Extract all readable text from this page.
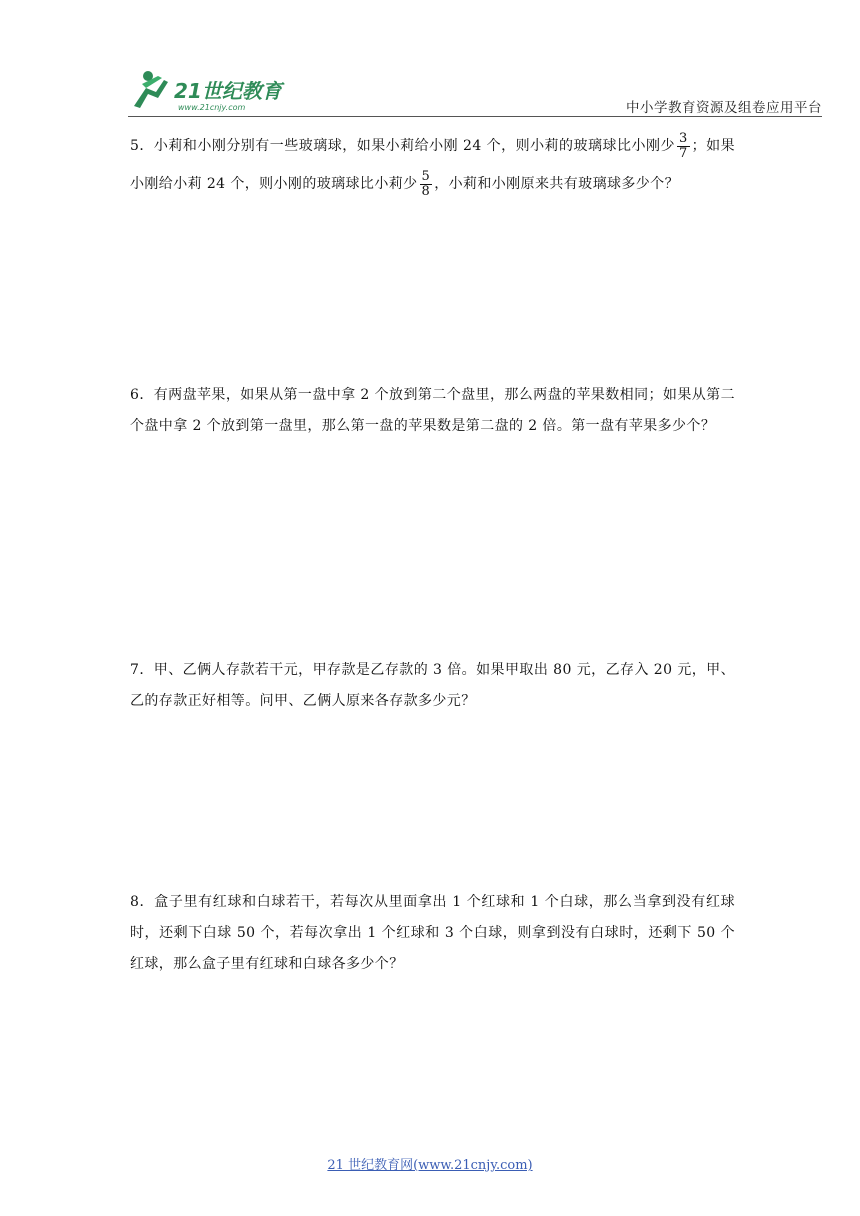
21世纪教育
www.21cnjy.com	中小学教育资源及组卷应用平台
5．小莉和小刚分别有一些玻璃球，如果小莉给小刚 24 个，则小莉的玻璃球比小刚少 $\frac{3}{7}$ ；如果小刚给小莉 24 个，则小刚的玻璃球比小莉少 $\frac{5}{8}$ ，小莉和小刚原来共有玻璃球多少个？
6．有两盘苹果，如果从第一盘中拿 2 个放到第二个盘里，那么两盘的苹果数相同；如果从第二个盘中拿 2 个放到第一盘里，那么第一盘的苹果数是第二盘的 2 倍。第一盘有苹果多少个？
7．甲、乙俩人存款若干元，甲存款是乙存款的 3 倍。如果甲取出 80 元，乙存入 20 元，甲、乙的存款正好相等。问甲、乙俩人原来各存款多少元？
8．盒子里有红球和白球若干，若每次从里面拿出 1 个红球和 1 个白球，那么当拿到没有红球时，还剩下白球 50 个，若每次拿出 1 个红球和 3 个白球，则拿到没有白球时，还剩下 50 个红球，那么盒子里有红球和白球各多少个？
21 世纪教育网(www.21cnjy.com)
